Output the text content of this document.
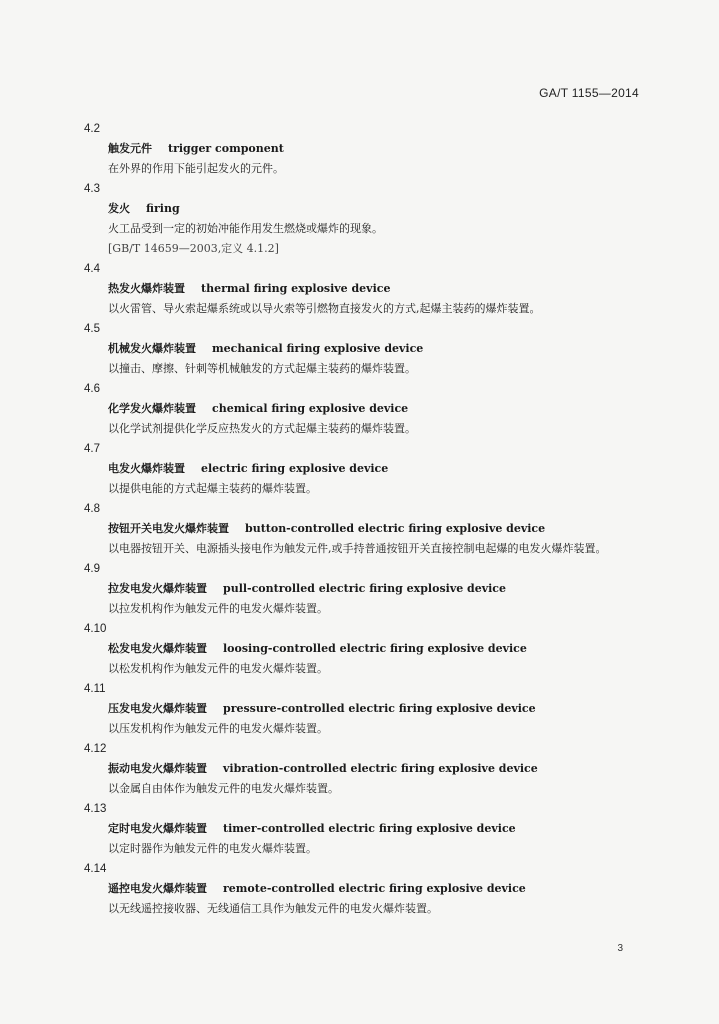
GA/T 1155—2014
4.2
触发元件 trigger component
在外界的作用下能引起发火的元件。
4.3
发火 firing
火工品受到一定的初始冲能作用发生燃烧或爆炸的现象。
[GB/T 14659—2003,定义 4.1.2]
4.4
热发火爆炸装置 thermal firing explosive device
以火雷管、导火索起爆系统或以导火索等引燃物直接发火的方式,起爆主装药的爆炸装置。
4.5
机械发火爆炸装置 mechanical firing explosive device
以撞击、摩擦、针刺等机械触发的方式起爆主装药的爆炸装置。
4.6
化学发火爆炸装置 chemical firing explosive device
以化学试剂提供化学反应热发火的方式起爆主装药的爆炸装置。
4.7
电发火爆炸装置 electric firing explosive device
以提供电能的方式起爆主装药的爆炸装置。
4.8
按钮开关电发火爆炸装置 button-controlled electric firing explosive device
以电器按钮开关、电源插头接电作为触发元件,或手持普通按钮开关直接控制电起爆的电发火爆炸装置。
4.9
拉发电发火爆炸装置 pull-controlled electric firing explosive device
以拉发机构作为触发元件的电发火爆炸装置。
4.10
松发电发火爆炸装置 loosing-controlled electric firing explosive device
以松发机构作为触发元件的电发火爆炸装置。
4.11
压发电发火爆炸装置 pressure-controlled electric firing explosive device
以压发机构作为触发元件的电发火爆炸装置。
4.12
振动电发火爆炸装置 vibration-controlled electric firing explosive device
以金属自由体作为触发元件的电发火爆炸装置。
4.13
定时电发火爆炸装置 timer-controlled electric firing explosive device
以定时器作为触发元件的电发火爆炸装置。
4.14
遥控电发火爆炸装置 remote-controlled electric firing explosive device
以无线遥控接收器、无线通信工具作为触发元件的电发火爆炸装置。
3
